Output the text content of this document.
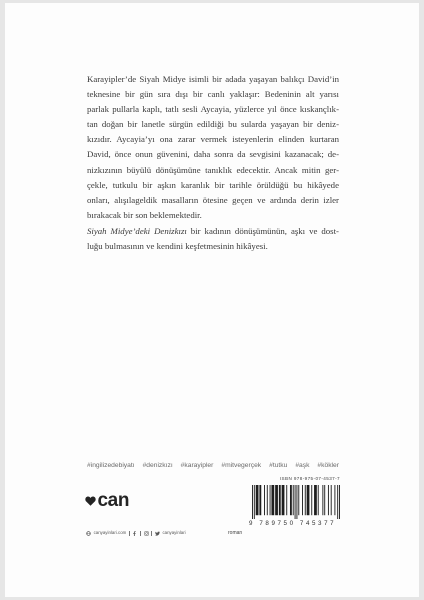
Karayipler’de Siyah Midye isimli bir adada yaşayan balıkçı David’in
teknesine bir gün sıra dışı bir canlı yaklaşır: Bedeninin alt yarısı
parlak pullarla kaplı, tatlı sesli Aycayia, yüzlerce yıl önce kıskançlık-
tan doğan bir lanetle sürgün edildiği bu sularda yaşayan bir deniz-
kızıdır. Aycayia’yı ona zarar vermek isteyenlerin elinden kurtaran
David, önce onun güvenini, daha sonra da sevgisini kazanacak; de-
nizkızının büyülü dönüşümüne tanıklık edecektir. Ancak mitin ger-
çekle, tutkulu bir aşkın karanlık bir tarihle örüldüğü bu hikâyede
onları, alışılageldik masalların ötesine geçen ve ardında derin izler
bırakacak bir son beklemektedir.
Siyah Midye’deki Denizkızı bir kadının dönüşümünün, aşkı ve dost-
luğu bulmasının ve kendini keşfetmesinin hikâyesi.
#ingilizedebiyatı #denizkızı #karayipler #mitvegerçek #tutku #aşk #kökler
ISBN 978-975-07-4537-7
9 789750 745377
can
canyayinlari.com	canyayinlari	roman
